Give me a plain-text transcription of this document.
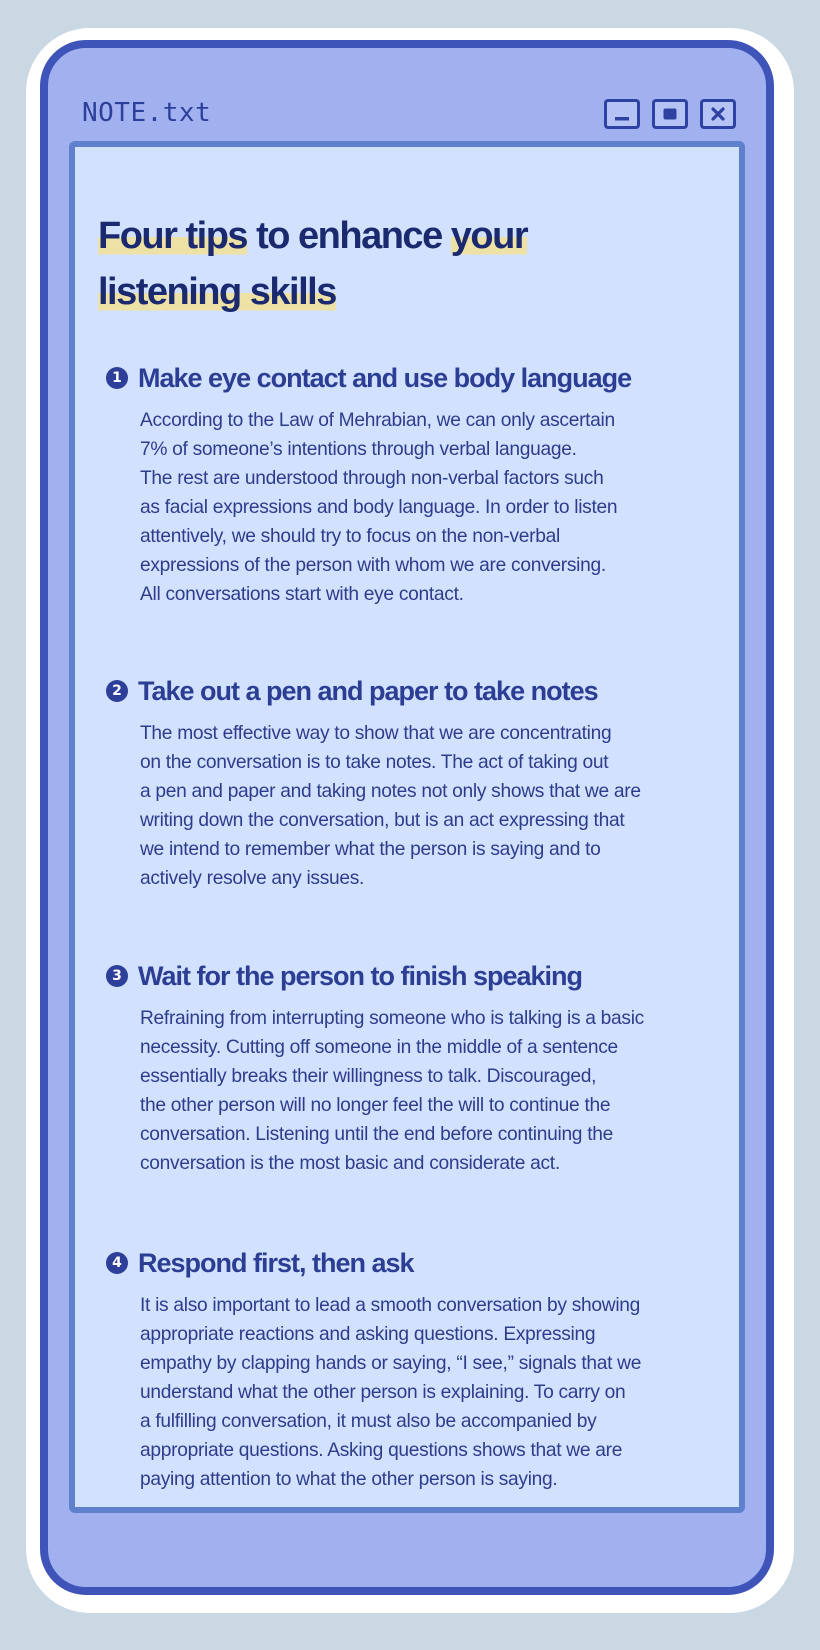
NOTE.txt
Four tips to enhance your
listening skills
1 Make eye contact and use body language
According to the Law of Mehrabian, we can only ascertain
7% of someone’s intentions through verbal language.
The rest are understood through non-verbal factors such
as facial expressions and body language. In order to listen
attentively, we should try to focus on the non-verbal
expressions of the person with whom we are conversing.
All conversations start with eye contact.
2 Take out a pen and paper to take notes
The most effective way to show that we are concentrating
on the conversation is to take notes. The act of taking out
a pen and paper and taking notes not only shows that we are
writing down the conversation, but is an act expressing that
we intend to remember what the person is saying and to
actively resolve any issues.
3 Wait for the person to finish speaking
Refraining from interrupting someone who is talking is a basic
necessity. Cutting off someone in the middle of a sentence
essentially breaks their willingness to talk. Discouraged,
the other person will no longer feel the will to continue the
conversation. Listening until the end before continuing the
conversation is the most basic and considerate act.
4 Respond first, then ask
It is also important to lead a smooth conversation by showing
appropriate reactions and asking questions. Expressing
empathy by clapping hands or saying, “I see,” signals that we
understand what the other person is explaining. To carry on
a fulfilling conversation, it must also be accompanied by
appropriate questions. Asking questions shows that we are
paying attention to what the other person is saying.
